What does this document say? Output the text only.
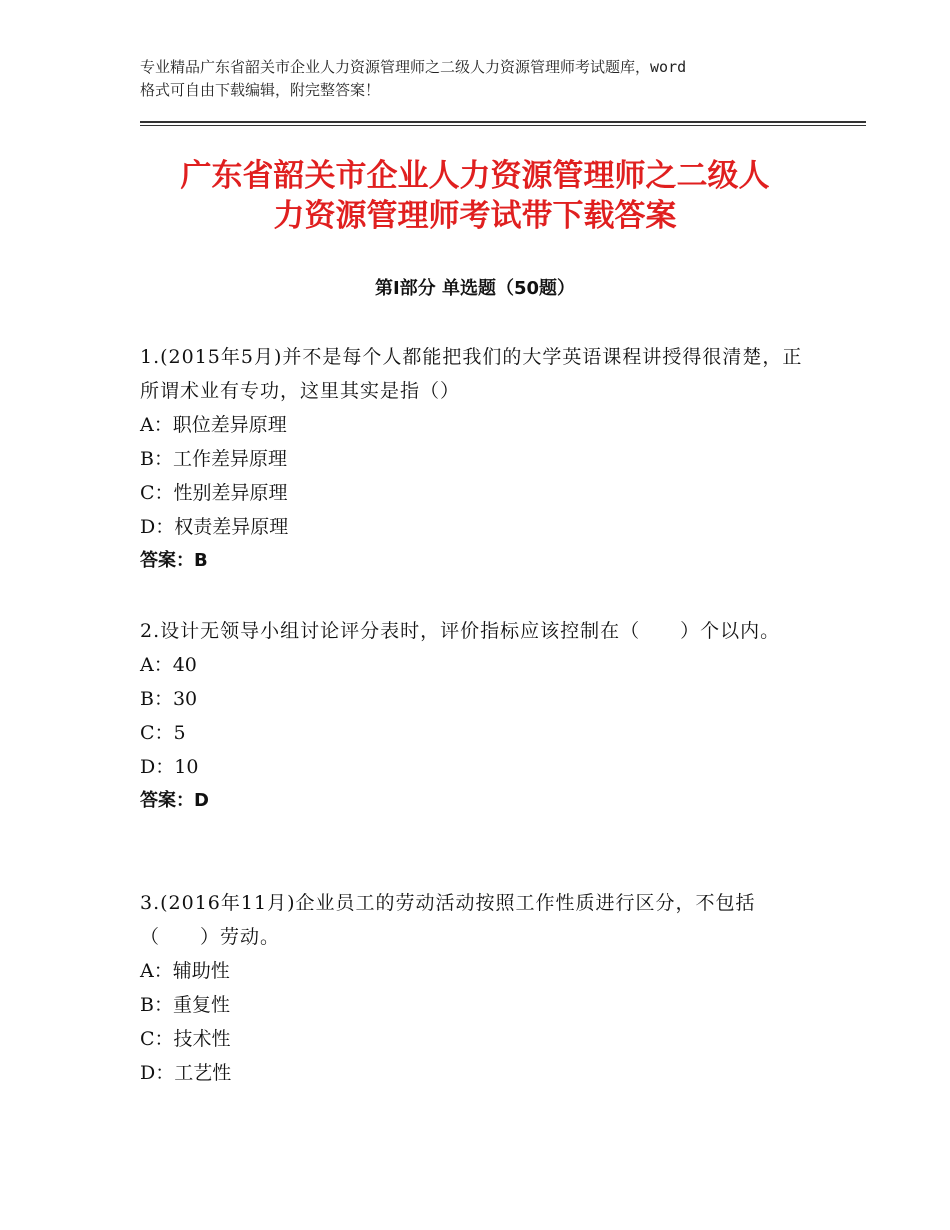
专业精品广东省韶关市企业人力资源管理师之二级人力资源管理师考试题库，word
格式可自由下载编辑，附完整答案！
广东省韶关市企业人力资源管理师之二级人
力资源管理师考试带下载答案
第Ⅰ部分 单选题（50题）
1.(2015年5月)并不是每个人都能把我们的大学英语课程讲授得很清楚，正所谓术业有专功，这里其实是指（）
A：职位差异原理
B：工作差异原理
C：性别差异原理
D：权责差异原理
答案：B
2.设计无领导小组讨论评分表时，评价指标应该控制在（　　）个以内。
A：40
B：30
C：5
D：10
答案：D
3.(2016年11月)企业员工的劳动活动按照工作性质进行区分，不包括（　　）劳动。
A：辅助性
B：重复性
C：技术性
D：工艺性
